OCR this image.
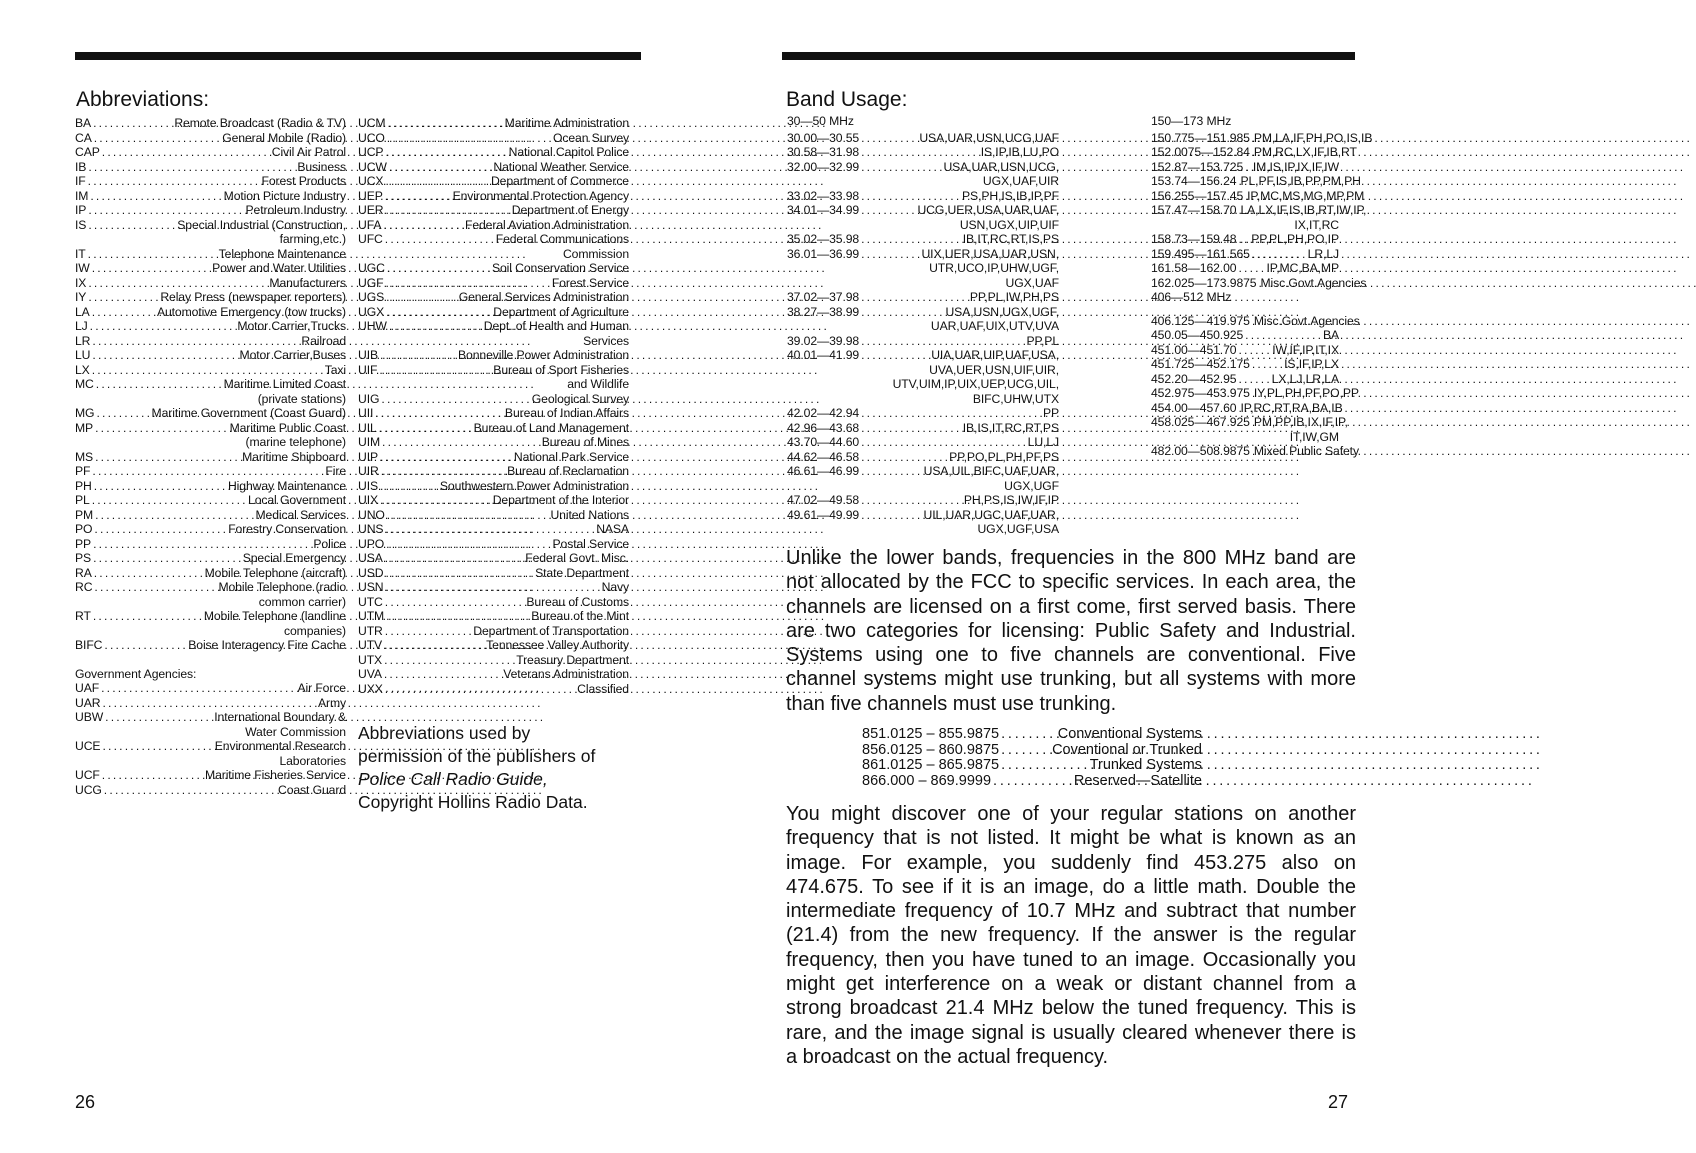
Abbreviations:
BA . . .	Remote Broadcast (Radio & TV)
CA . . .	General Mobile (Radio)
CAP . . .	Civil Air Patrol
IB . . .	Business
IF . . .	Forest Products
IM . . .	Motion Picture Industry
IP . . .	Petroleum Industry
IS . . .	Special Industrial (Construction,
farming,etc.)
IT . . .	Telephone Maintenance
IW . . .	Power and Water Utilities
IX . . .	Manufacturers
IY . . .	Relay Press (newspaper reporters)
LA . . .	Automotive Emergency (tow trucks)
LJ . . .	Motor Carrier,Trucks
LR . . .	Railroad
LU . . .	Motor Carrier,Buses
LX . . .	Taxi
MC . . .	Maritime Limited Coast
(private stations)
MG . . .	Maritime Government (Coast Guard)
MP . . .	Maritime Public Coast
(marine telephone)
MS . . .	Maritime Shipboard
PF . . .	Fire
PH . . .	Highway Maintenance
PL . . .	Local Government
PM . . .	Medical Services
PO . . .	Forestry Conservation
PP . . .	Police
PS . . .	Special Emergency
RA . . .	Mobile Telephone (aircraft)
RC . . .	Mobile Telephone (radio
common carrier)
RT . . .	Mobile Telephone (landline
companies)
BIFC . . .	Boise Interagency Fire Cache
Government Agencies:
UAF . . .	Air Force
UAR . . .	Army
UBW . . .	International Boundary &
Water Commission
UCE . . .	Environmental Research
Laboratories
UCF . . .	Maritime Fisheries Service
UCG . . .	Coast Guard
UCM . . .	Maritime Administration
UCO . . .	Ocean Survey
UCP . . .	National Capitol Police
UCW . . .	National Weather Service
UCX . . .	Department of Commerce
UEP . . .	Environmental Protection Agency
UER . . .	Department of Energy
UFA . . .	Federal Aviation Administration
UFC . . .	Federal Communications
Commission
UGC . . .	Soil Conservation Service
UGF . . .	Forest Service
UGS . . .	General Services Administration
UGX . . .	Department of Agriculture
UHW . . .	Dept. of Health and Human
Services
UIB . . .	Bonneville Power Administration
UIF . . .	Bureau of Sport Fisheries
and Wildlife
UIG . . .	Geological Survey
UII . . .	Bureau of Indian Affairs
UIL . . .	Bureau of Land Management
UIM . . .	Bureau of Mines
UIP . . .	National Park Service
UIR . . .	Bureau of Reclamation
UIS . . .	Southwestern Power Administration
UIX . . .	Department of the Interior
UNO . . .	United Nations
UNS . . .	NASA
UPO . . .	Postal Service
USA . . .	Federal Govt. Misc.
USD . . .	State Department
USN . . .	Navy
UTC . . .	Bureau of Customs
UTM . . .	Bureau of the Mint
UTR . . .	Department of Transportation
UTV . . .	Tennessee Valley Authority
UTX . . .	Treasury Department
UVA . . .	Veterans Administration
UXX . . .	Classified
Abbreviations used by
permission of the publishers of
Police Call Radio Guide,
Copyright Hollins Radio Data.
26
Band Usage:
30—50 MHz
30.00—30.55 . . .	USA,UAR,USN,UCG,UAF
30.58—31.98 . . .	IS,IP,IB,LU,PO
32.00—32.99 . . .	USA,UAR,USN,UCG,
UGX,UAF,UIR
33.02—33.98 . . .	PS,PH,IS,IB,IP,PF
34.01—34.99 . . .	UCG,UER,USA,UAR,UAF,
USN,UGX,UIP,UIF
35.02—35.98 . . .	IB,IT,RC,RT,IS,PS
36.01—36.99 . . .	UIX,UER,USA,UAR,USN,
UTR,UCO,IP,UHW,UGF,
UGX,UAF
37.02—37.98 . . .	PP,PL,IW,PH,PS
38.27—38.99 . . .	USA,USN,UGX,UGF,
UAR,UAF,UIX,UTV,UVA
39.02—39.98 . . .	PP,PL
40.01—41.99 . . .	UIA,UAR,UIP,UAF,USA,
UVA,UER,USN,UIF,UIR,
UTV,UIM,IP,UIX,UEP,UCG,UIL,
BIFC,UHW,UTX
42.02—42.94 . . .	PP
42.96—43.68 . . .	IB,IS,IT,RC,RT,PS
43.70—44.60 . . .	LU,LJ
44.62—46.58 . . .	PP,PO,PL,PH,PF,PS
46.61—46.99 . . .	USA,UIL,BIFC,UAF,UAR,
UGX,UGF
47.02—49.58 . . .	PH,PS,IS,IW,IF,IP
49.61—49.99 . . .	UIL,UAR,UGC,UAF,UAR,
UGX,UGF,USA
150—173 MHz
150.775—151.985 . . . PM,LA,IF,PH,PO,IS,IB
152.0075—152.84 . . . PM,RC,LX,IF,IB,RT
152.87—153.725 . . . IM,IS,IP,IX,IF,IW
153.74—156.24 . . . PL,PF,IS,IB,PP,PM,PH
156.255—157.45 . . . IP,MC,MS,MG,MP,PM
157.47—158.70 . . . LA,LX,IF,IS,IB,RT,IW,IP,
IX,IT,RC
158.73—159.48 . . . PP,PL,PH,PO,IP
159.495—161.565 . . .	LR,LJ
161.58—162.00 . . . IP,MC,BA,MP
162.025—173.9875 . . . Misc.Govt.Agencies
406—512 MHz
406.125—419.975 . . . Misc.Govt.Agencies
450.05—450.925 . . .	BA
451.00—451.70 . . .	IW,IF,IP,IT,IX
451.725—452.175 . . .	IS,IF,IP,LX
452.20—452.95 . . .	LX,LJ,LR,LA
452.975—453.975 . . . IY,PL,PH,PF,PO,PP
454.00—457.60 . . . IP,RC,RT,RA,BA,IB
458.025—467.925 . . . PM,PP,IB,IX,IF,IP,
IT,IW,GM
482.00—508.9875 . . . Mixed Public Safety
Unlike the lower bands, frequencies in the 800 MHz band are not allocated by the FCC to specific services. In each area, the channels are licensed on a first come, first served basis. There are two categories for licensing: Public Safety and Industrial. Systems using one to five channels are conventional. Five channel systems might use trunking, but all systems with more than five channels must use trunking.
851.0125 – 855.9875 . . .	Conventional Systems
856.0125 – 860.9875 . . .	Coventional or Trunked
861.0125 – 865.9875 . . .	Trunked Systems
866.000 – 869.9999 . . .	Reserved—Satellite
You might discover one of your regular stations on another frequency that is not listed. It might be what is known as an image. For example, you suddenly find 453.275 also on 474.675. To see if it is an image, do a little math. Double the intermediate frequency of 10.7 MHz and subtract that number (21.4) from the new frequency. If the answer is the regular frequency, then you have tuned to an image. Occasionally you might get interference on a weak or distant channel from a strong broadcast 21.4 MHz below the tuned frequency. This is rare, and the image signal is usually cleared whenever there is a broadcast on the actual frequency.
27
